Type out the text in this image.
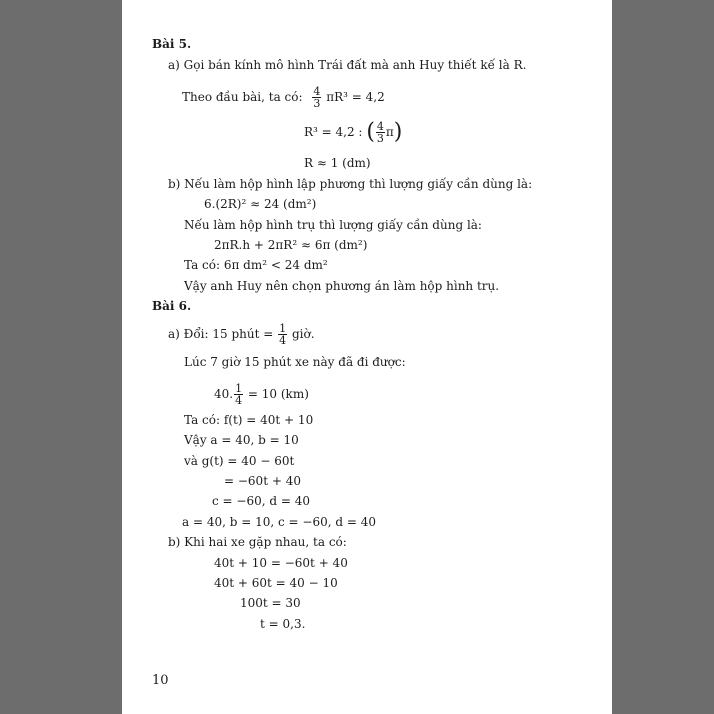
Bài 5.
a) Gọi bán kính mô hình Trái đất mà anh Huy thiết kế là R.
Theo đầu bài, ta có: $\frac{4}{3} \pi R^3 = 4,2$
R³ = 4,2 : ( $\frac{4}{3} \pi$)
R ≈ 1 (dm)
b) Nếu làm hộp hình lập phương thì lượng giấy cần dùng là:
6.(2R)² ≈ 24 (dm²)
Nếu làm hộp hình trụ thì lượng giấy cần dùng là:
2πR.h + 2πR² ≈ 6π (dm²)
Ta có: 6π dm² < 24 dm²
Vậy anh Huy nên chọn phương án làm hộp hình trụ.
Bài 6.
a) Đổi: 15 phút = $\frac{1}{4}$ giờ.
Lúc 7 giờ 15 phút xe này đã đi được:
40. $\frac{1}{4} = 10$ (km)
Ta có: f(t) = 40t + 10
Vậy a = 40, b = 10
và g(t) = 40 − 60t
= −60t + 40
c = −60, d = 40
a = 40, b = 10, c = −60, d = 40
b) Khi hai xe gặp nhau, ta có:
40t + 10 = −60t + 40
40t + 60t = 40 − 10
100t = 30
t = 0,3.
10
